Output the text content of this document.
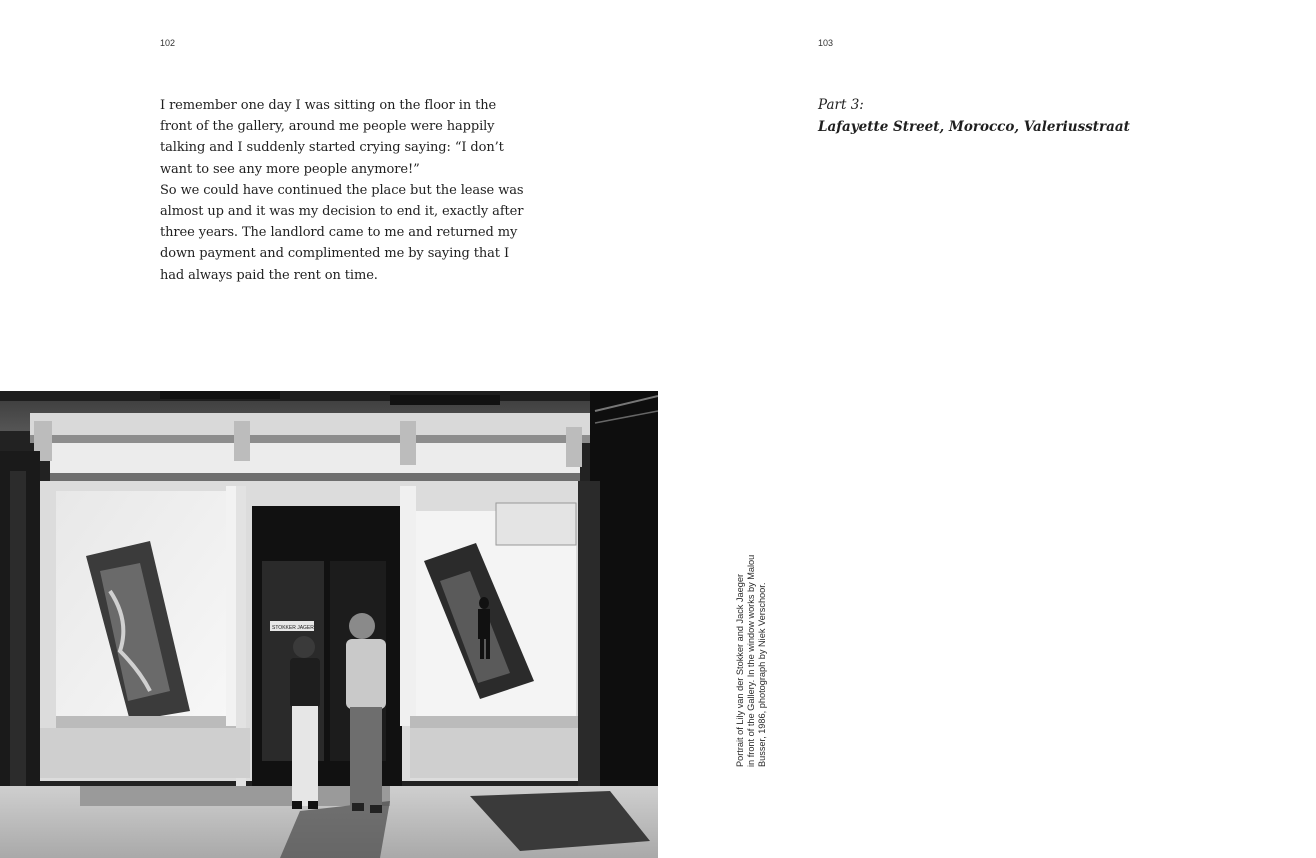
102

I remember one day I was sitting on the floor in the front of the gallery, around me people were happily talking and I suddenly started crying saying: “I don’t want to see any more people anymore!”

So we could have continued the place but the lease was almost up and it was my decision to end it, exactly after three years. The landlord came to me and returned my down payment and complimented me by saying that I had always paid the rent on time.

103
Part 3:
Lafayette Street, Morocco, Valeriusstraat
STOKKER JAGER	Portrait of Lily van der Stokker and Jack Jaeger in front of the Gallery. In the window works by Malou Busser, 1986, photograph by Niek Verschoor.
